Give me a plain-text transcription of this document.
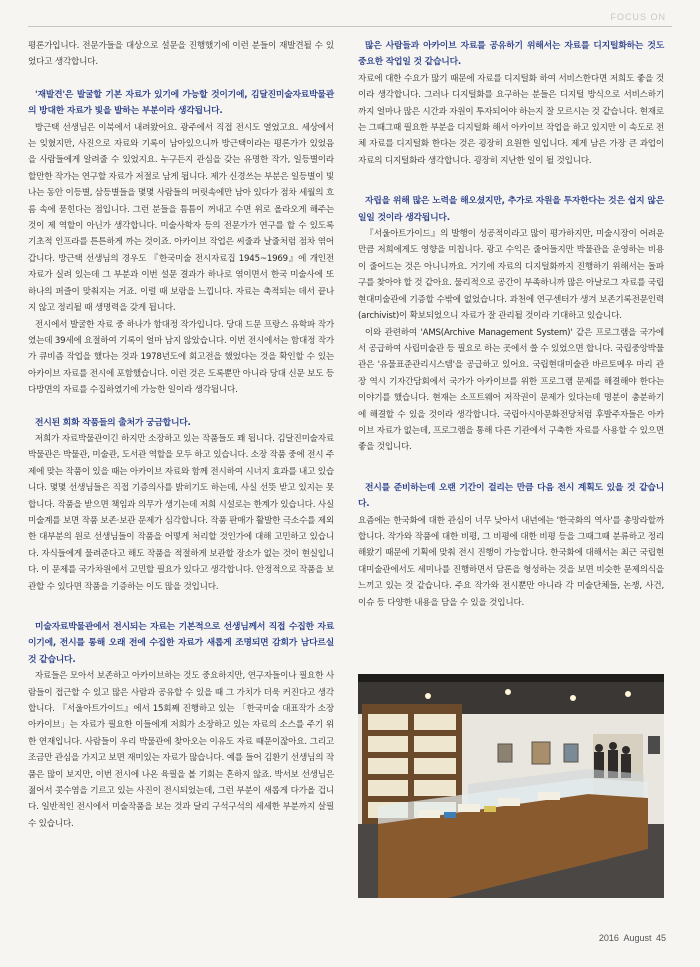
FOCUS ON

평론가입니다. 전문가들을 대상으로 설문을 진행했기에 이런 분들이 재발견될 수 있었다고 생각합니다.

'재발견'은 발굴할 기본 자료가 있기에 가능할 것이기에, 김달진미술자료박물관의 방대한 자료가 빛을 발하는 부분이라 생각됩니다.

방근택 선생님은 이북에서 내려왔어요. 광주에서 직접 전시도 열었고요. 세상에서는 잊혔지만, 사진으로 자료와 기록이 남아있으니까 방근택이라는 평론가가 있었음을 사람들에게 알려줄 수 있었지요. 누구든지 관심을 갖는 유명한 작가, 일등별이라 할만한 작가는 연구할 자료가 저절로 남게 됩니다. 제가 신경쓰는 부분은 일등별이 빛나는 동안 이등별, 삼등별들을 몇몇 사람들의 머릿속에만 남아 있다가 점차 세월의 흐름 속에 묻힌다는 점입니다. 그런 분들을 틈틈이 꺼내고 수면 위로 올라오게 해주는 것이 제 역할이 아닌가 생각합니다. 미술사학자 등의 전문가가 연구를 할 수 있도록 기초적 인프라를 튼튼하게 까는 것이죠. 아카이브 작업은 씨줄과 날줄처럼 점차 엮어 갑니다. 방근택 선생님의 경우도 『한국미술 전시자료집 1945~1969』에 개인전 자료가 실려 있는데 그 부분과 이번 설문 결과가 하나로 엮이면서 한국 미술사에 또 하나의 퍼즐이 맞춰지는 거죠. 이럴 때 보람을 느낍니다. 자료는 축적되는 데서 끝나지 않고 정리될 때 생명력을 갖게 됩니다.

전시에서 발굴한 자료 중 하나가 함대정 작가입니다. 당대 드문 프랑스 유학파 작가였는데 39세에 요절하여 기록이 얼마 남지 않았습니다. 이번 전시에서는 함대정 작가가 큐비즘 작업을 했다는 것과 1978년도에 회고전을 했었다는 것을 확인할 수 있는 아카이브 자료를 전시에 포함했습니다. 이런 것은 도록뿐만 아니라 당대 신문 보도 등 다방면의 자료를 수집하였기에 가능한 일이라 생각됩니다.

전시된 회화 작품들의 출처가 궁금합니다.

저희가 자료박물관이긴 하지만 소장하고 있는 작품들도 꽤 됩니다. 김달진미술자료박물관은 박물관, 미술관, 도서관 역할을 모두 하고 있습니다. 소장 작품 중에 전시 주제에 맞는 작품이 있을 때는 아카이브 자료와 함께 전시하여 시너지 효과를 내고 있습니다. 몇몇 선생님들은 직접 기증의사를 밝히기도 하는데, 사실 선뜻 받고 있지는 못합니다. 작품을 받으면 책임과 의무가 생기는데 저희 시설로는 한계가 있습니다. 사실 미술계를 보면 작품 보존·보관 문제가 심각합니다. 작품 판매가 활발한 극소수를 제외한 대부분의 원로 선생님들이 작품을 어떻게 처리할 것인가에 대해 고민하고 있습니다. 자식들에게 물려준다고 해도 작품을 적절하게 보관할 장소가 없는 것이 현실입니다. 이 문제를 국가차원에서 고민할 필요가 있다고 생각합니다. 안정적으로 작품을 보관할 수 있다면 작품을 기증하는 이도 많을 것입니다.

미술자료박물관에서 전시되는 자료는 기본적으로 선생님께서 직접 수집한 자료이기에, 전시를 통해 오래 전에 수집한 자료가 새롭게 조명되면 감회가 남다르실 것 같습니다.

자료들은 모아서 보존하고 아카이브하는 것도 중요하지만, 연구자들이나 필요한 사람들이 접근할 수 있고 많은 사람과 공유할 수 있을 때 그 가치가 더욱 커진다고 생각합니다. 『서울아트가이드』에서 15회째 진행하고 있는 「한국미술 대표작가 소장 아카이브」는 자료가 필요한 이들에게 저희가 소장하고 있는 자료의 소스를 주기 위한 연재입니다. 사람들이 우리 박물관에 찾아오는 이유도 자료 때문이잖아요. 그리고 조금만 관심을 가지고 보면 재미있는 자료가 많습니다. 예를 들어 김환기 선생님의 작품은 많이 보지만, 이번 전시에 나온 육필을 볼 기회는 흔하지 않죠. 박서보 선생님은 젊어서 콧수염을 기르고 있는 사진이 전시되었는데, 그런 부분이 새롭게 다가올 겁니다. 일반적인 전시에서 미술작품을 보는 것과 달리 구석구석의 세세한 부분까지 살필 수 있습니다.

많은 사람들과 아카이브 자료를 공유하기 위해서는 자료를 디지털화하는 것도 중요한 작업일 것 같습니다.

자료에 대한 수요가 많기 때문에 자료를 디지털화 하여 서비스한다면 저희도 좋을 것이라 생각합니다. 그러나 디지털화를 요구하는 분들은 디지털 방식으로 서비스하기까지 얼마나 많은 시간과 자원이 투자되어야 하는지 잘 모르시는 것 같습니다. 현재로는 그때그때 필요한 부분을 디지털화 해서 아카이브 작업을 하고 있지만 이 속도로 전체 자료를 디지털화 한다는 것은 굉장히 요원한 일입니다. 제게 남은 가장 큰 과업이 자료의 디지털화라 생각합니다. 굉장히 지난한 일이 될 것입니다.

자립을 위해 많은 노력을 해오셨지만, 추가로 자원을 투자한다는 것은 쉽지 않은 일일 것이라 생각됩니다.

『서울아트가이드』의 발행이 성공적이라고 많이 평가하지만, 미술시장이 어려운 만큼 저희에게도 영향을 미칩니다. 광고 수익은 줄어들지만 박물관을 운영하는 비용이 줄어드는 것은 아니니까요. 거기에 자료의 디지털화까지 진행하기 위해서는 돌파구를 찾아야 할 것 같아요. 물리적으로 공간이 부족하니까 많은 아날로그 자료를 국립현대미술관에 기증할 수밖에 없었습니다. 과천에 연구센터가 생겨 보존기록전문인력(archivist)이 확보되었으니 자료가 잘 관리될 것이라 기대하고 있습니다.

이와 관련하여 'AMS(Archive Management System)' 같은 프로그램을 국가에서 공급하여 사립미술관 등 필요로 하는 곳에서 쓸 수 있었으면 합니다. 국립중앙박물관은 '유물표준관리시스템'을 공급하고 있어요. 국립현대미술관 바르토메우 마리 관장 역시 기자간담회에서 국가가 아카이브를 위한 프로그램 문제를 해결해야 한다는 이야기를 했습니다. 현재는 소프트웨어 저작권이 문제가 있다는데 명분이 충분하기에 해결할 수 있을 것이라 생각합니다. 국립아시아문화전당처럼 후발주자들은 아카이브 자료가 없는데, 프로그램을 통해 다른 기관에서 구축한 자료를 사용할 수 있으면 좋을 것입니다.

전시를 준비하는데 오랜 기간이 걸리는 만큼 다음 전시 계획도 있을 것 같습니다.

요즘에는 한국화에 대한 관심이 너무 낮아서 내년에는 '한국화의 역사'를 총망라할까 합니다. 작가와 작품에 대한 비평, 그 비평에 대한 비평 등을 그때그때 분류하고 정리해왔기 때문에 기획에 맞춰 전시 진행이 가능합니다. 한국화에 대해서는 최근 국립현대미술관에서도 세미나를 진행하면서 담론을 형성하는 것을 보면 비슷한 문제의식을 느끼고 있는 것 같습니다. 주요 작가와 전시뿐만 아니라 각 미술단체들, 논쟁, 사건, 이슈 등 다양한 내용을 담을 수 있을 것입니다.

2016 August 45
